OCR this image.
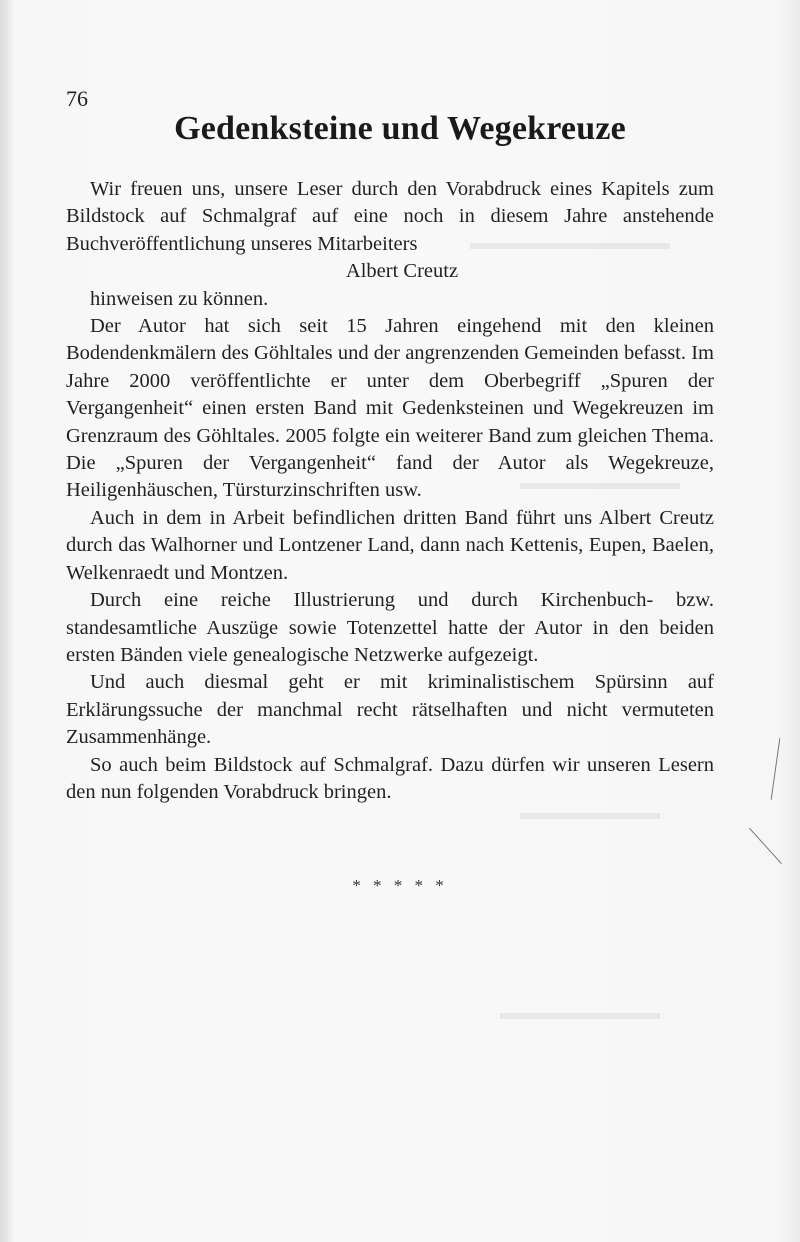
▬▬▬▬▬▬▬▬▬▬
▬▬▬▬▬▬▬▬
▬▬▬▬▬▬▬
▬▬▬▬▬▬▬▬
76
Gedenksteine und Wegekreuze

Wir freuen uns, unsere Leser durch den Vorabdruck eines Kapitels zum Bildstock auf Schmalgraf auf eine noch in diesem Jahre anstehende Buchveröffentlichung unseres Mitarbeiters

Albert Creutz

hinweisen zu können.

Der Autor hat sich seit 15 Jahren eingehend mit den kleinen Bodendenkmälern des Göhltales und der angrenzenden Gemeinden befasst. Im Jahre 2000 veröffentlichte er unter dem Oberbegriff „Spuren der Vergangenheit“ einen ersten Band mit Gedenksteinen und Wegekreuzen im Grenzraum des Göhltales. 2005 folgte ein weiterer Band zum gleichen Thema. Die „Spuren der Vergangenheit“ fand der Autor als Wegekreuze, Heiligenhäuschen, Türsturzinschriften usw.

Auch in dem in Arbeit befindlichen dritten Band führt uns Albert Creutz durch das Walhorner und Lontzener Land, dann nach Kettenis, Eupen, Baelen, Welkenraedt und Montzen.

Durch eine reiche Illustrierung und durch Kirchenbuch- bzw. standesamtliche Auszüge sowie Totenzettel hatte der Autor in den beiden ersten Bänden viele genealogische Netzwerke aufgezeigt.

Und auch diesmal geht er mit kriminalistischem Spürsinn auf Erklärungssuche der manchmal recht rätselhaften und nicht vermuteten Zusammenhänge.

So auch beim Bildstock auf Schmalgraf. Dazu dürfen wir unseren Lesern den nun folgenden Vorabdruck bringen.

* * * * *
